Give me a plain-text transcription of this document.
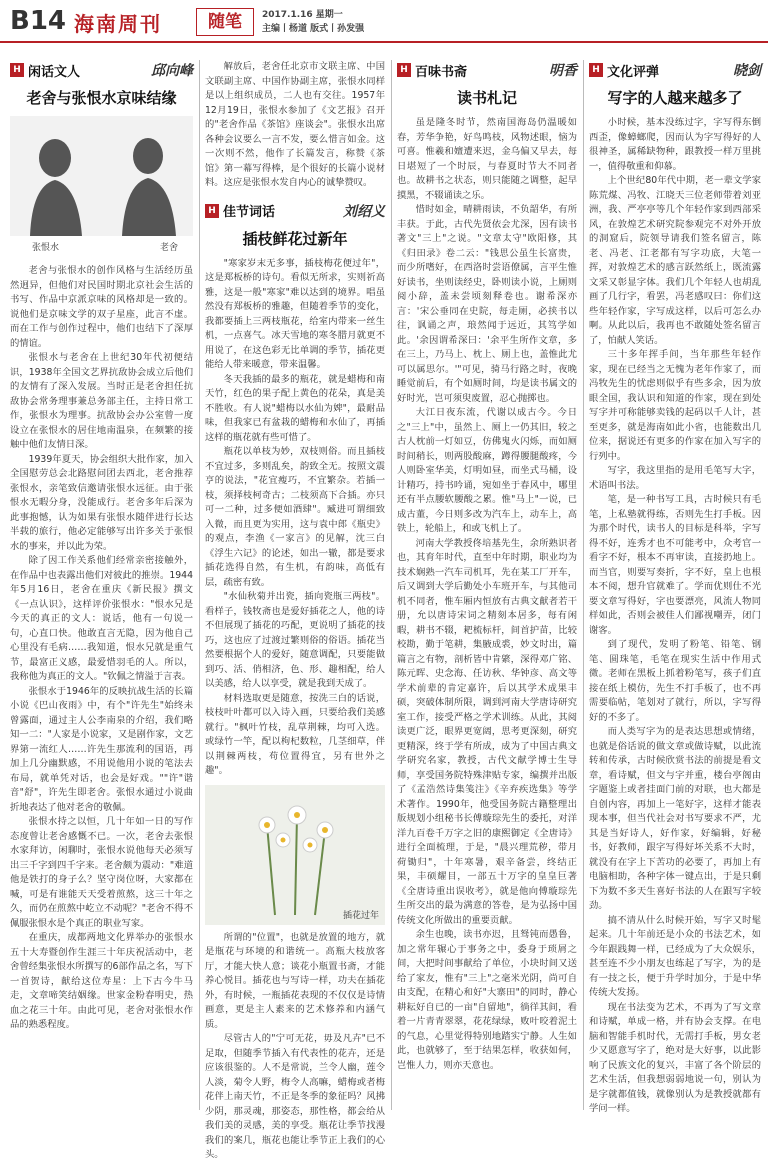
B14 海南周刊	随笔	2017.1.16 星期一
主编丨杨道 版式丨孙发强
H 闲话文人	邱向峰
老舍与张恨水京味结缘
张恨水	老舍

老舍与张恨水的创作风格与生活经历虽然迥异，但他们对民国时期北京社会生活的书写、作品中京派京味的风格却是一致的。说他们是京味文学的双子星座，此言不虚。而在工作与创作过程中，他们也结下了深厚的情谊。

张恨水与老舍在上世纪30年代初便结识，1938年全国文艺界抗敌协会成立后他们的友情有了深入发展。当时正是老舍担任抗敌协会常务理事兼总务部主任，主持日常工作，张恨水为理事。抗敌协会办公室曾一度设立在张恨水的居住地南温泉，在频繁的接触中他们友情日深。

1939年夏天，协会组织大批作家，加入全国慰劳总会北路慰问团去西北，老舍推荐张恨水，亲笔致信邀请张恨水远征。由于张恨水无暇分身，没能成行。老舍多年后深为此事抱憾，认为如果有张恨水随伴进行长达半载的旅行，他必定能够写出许多关于张恨水的事来，并以此为荣。

除了因工作关系他们经常亲密接触外，在作品中也表露出他们对彼此的推崇。1944年5月16日，老舍在重庆《新民报》撰文《一点认识》，这样评价张恨水："恨水兄是今天的真正的文人：说话，他有一句说一句，心直口快。他敢直言无隐，因为他自己心里没有毛病……我知道，恨水兄就是重气节，最富正义感，最爱惜羽毛的人。所以，我称他为真正的文人。"钦佩之情溢于言表。

张恨水于1946年的反映抗战生活的长篇小说《巴山夜雨》中，有个"许先生"始终未曾露面，通过主人公李南泉的介绍，我们略知一二："人家是小说家，又是剧作家，文艺界第一流红人……许先生那流利的国语，再加上几分幽默感，不用说他用小说的笔法去布局，就单凭对话，也会是好戏。""许"谐音"舒"，许先生即老舍。张恨水通过小说曲折地表达了他对老舍的敬佩。

张恨水持之以恒，几十年如一日的写作态度曾让老舍感慨不已。一次，老舍去张恨水家拜访，闲聊时，张恨水说他每天必须写出三千字到四千字来。老舍颇为震动："难道他是铁打的身子么？坚守岗位呀，大家都在喊，可是有谁能天天受着煎熬，这三十年之久，而仍在煎熬中屹立不动呢？"老舍不得不佩服张恨水是个真正的职业写家。

在重庆，成都两地文化界举办的张恨水五十大寿暨创作生涯三十年庆祝活动中，老舍曾经集张恨水所撰写的6部作品之名，写下一首贺诗，献给这位寿星：上下古今牛马走，文章啼笑结姻缘。世家金粉春明史，热血之花三十年。由此可见，老舍对张恨水作品的熟悉程度。

解放后，老舍任北京市文联主席、中国文联副主席、中国作协副主席，张恨水同样是以上组织成员，二人也有交往。1957年12月19日，张恨水参加了《文艺报》召开的"老舍作品《茶馆》座谈会"。张恨水出席各种会议要么一言不发，要么惜言如金。这一次则不然，他作了长篇发言，称赞《茶馆》第一幕写得棒，是个很好的长篇小说材料。这应是张恨水发自内心的诚挚赞叹。

H 佳节词话	刘绍义
插枝鲜花过新年

"寒家岁末无多事，插枝梅花便过年"，这是郑板桥的诗句。看似无所求，实则祈高雅，这是一般"寒家"难以达到的境界。唱虽然没有郑板桥的雅趣，但随着季节的变化，我都要插上三两枝瓶花，给室内带来一丝生机，一点喜气。冰天雪地的寒冬腊月就更不用说了，在这色彩无比单调的季节，插花更能给人带来暖意，带来温馨。

冬天我插的最多的瓶花，就是蜡梅和南天竹，红色的果子配上黄色的花朵，真是美不胜收。有人说"蜡梅以水仙为婢"，最耐品味，但我家已有盆栽的蜡梅和水仙了，再插这样的瓶花就有些可惜了。

瓶花以单枝为妙，双枝则俗。而且插枝不宜过多，多则乱矣，韵致全无。按照文震亨的说法，"花宜瘦巧，不宜繁杂。若插一枝，须择枝柯奇古；二枝须高下合插。亦只可一二种，过多便如酒肆"。臧进可谓细致入微，而且更为实用，这与袁中郎《瓶史》的观点，李渔《一家言》的见解，沈三白《浮生六记》的论述，如出一辙，都是要求插花选得自然，有生机，有韵味，高低有层，疏密有致。

"水仙秋菊并出瓷，插向瓷瓶三两枝"。看样子，钱牧斋也是爱好插花之人，他的诗不但展现了插花的巧配，更说明了插花的技巧，这也应了过渡过繁则俗的俗语。插花当然要根据个人的爱好，随意调配，只要能做到巧、活、俏相济，色、形、趣相配，给人以美感，给人以享受，就是我到天成了。

材料选取更是随意，按洗三白的话说，枝枝叶叶都可以入诗入画，只要给我们美感就行。"枫叶竹枝，乱草荆棘，均可入选。或绿竹一竿，配以枸杞数粒，几茎细草，伴以荆棘两枝，苟位置得宜，另有世外之趣"。

插花过年

所谓的"位置"，也就是放置的地方，就是瓶花与环境的和谐统一。高瓶大枝放客厅，才能大快人意；谈花小瓶置书斋，才能养心悦目。插花也与写诗一样，功夫在插花外，有时候，一瓶插花表现的不仅仅是诗情画意，更是主人素来的艺术修养和内涵气质。

尽管古人的"宁可无花，毋及凡卉"已不足取，但随季节插入有代表性的花卉，还是应该很鉴的。人不是常说，兰令人幽，莲令人淡，菊令人野，梅令人高嘛，蜡梅或者梅花伴上南天竹，不正是冬季的象征吗？风拂少阴，那灵魂，那姿态，那性格，都会给从我们美的灵感，美的享受。瓶花让季节找漫我们的案几，瓶花也能让季节正上我们的心头。

H 百味书斋	明香
读书札记

虽是隆冬时节，然南国海岛仍温暖如春，芳华争艳，好鸟鸣枝，风物述眼，恼为可喜。惟羲和嬗遭来迟，金乌偏又早去，每日堪短了一个时辰，与春夏时节大不同者也。故耕书之状态，则只能随之调整，起早摸黑，不辍诵读之乐。

惜时如金，晴耕雨读，不负韶华，有所丰获。于此，古代先贤依会尤深，因有读书著文"三上"之说。"文章太守"欧阳修，其《归田录》卷二云："钱思公虽生长富贵，而少所嗜好，在西洛时尝语僚属，言平生惟好读书，坐则读经史，卧则读小说，上厕则阅小辞，盖未尝顷刻释卷也。谢希深亦言：'宋公垂同在史院，每走厕，必挟书以往，讽诵之声，琅然闻于远近，其笃学如此。'余因谓希深曰：'余平生所作文章，多在三上，乃马上、枕上、厕上也，盖惟此尤可以属思尔。'"可见，骑马行路之时，夜晚睡觉前后，有个如厕时间，均是读书属文的好时光，岂可须臾废置，忍心抛掷也。

大江日夜东流，代谢以成古今。今日之"三上"中，虽然上、厕上一仍其旧，较之古人枕前一灯如豆，仿佛鬼火闪烁，而如厕时间稍长，则两股酸麻，蹲得腰腿酸疼，今人则卧室华美，灯明如昼，而坐式马桶，设计精巧，持书吟诵，宛如坐于春风中，哪里还有半点腰软腰酸之累。惟"马上"一说，已成古董，今日则多改为汽车上，动车上，高铁上，轮船上，和或飞机上了。

河南大学教授佟培基先生，余所熟识者也，其育年时代，直至中年时期，职业均为技术娴熟一汽车司机耳，先在某工厂开车，后又调到大学后勤处小车班开车，与其他司机不同者，惟车厢内恒放有古典文献者若干册，允以唐诗宋词之精刻本居多，每有闲暇，耕书不辍，耙梳标杆，间首护苗，比较校勘，勤于笔耕，集腋成裘，妙文时出，篇篇言之有物，剖析皆中肯綮，深得邓广铭、陈元晖、史念海、任访秋、华钟彦、高文等学术前辈的肯定嘉许，后以其学术成果丰硕，突破体制所限，调到河南大学唐诗研究室工作，接受严格之学术训练。从此，其阅读更广泛，眼界更宽阔，思考更深刻，研究更精深，终于学有所成，成为了中国古典文学研究名家，教授，古代文献学博士生导师，享受国务院特殊津贴专家，编撰并出版了《孟浩然诗集笺注》《辛弃疾选集》等学术著作。1990年，他受国务院古籍整理出版规划小组秘书长傅璇琮先生的委托，对洋洋九百卷千万字之旧的康熙御定《全唐诗》进行全面梳理，于是，"晨兴理荒秽，带月荷锄归"，十年寒暑，艰辛备尝，终结正果，丰硕耀目，一部五十万字的皇皇巨著《全唐诗重出误收考》，就是他向傅璇琮先生所交出的最为满意的答卷，是为弘扬中国传统文化所做出的重要贡献。

余生也晚，读书亦迟，且驽钝而愚鲁，加之常年辗心于事务之中，委身于琐屑之间，大把时间事献给了单位，小块时间又送给了家友，惟有"三上"之毫米光阴，尚可自由支配，在精心和好"大寨田"的同时，静心耕耘好自已的一亩"自留地"，徜徉其间，看着一片青青翠翠，花花绿绿，败叶咬着泥土的气息，心里觉得特别地踏实宁静。人生如此，也就够了，至于结果怎样，收获如何，岂惟人力，则亦天意也。

H 文化评弹	晓剑
写字的人越来越多了

小时候，基本没练过字，字写得东倒西歪，像蟑螂爬，因而认为字写得好的人很神圣，属稀缺物种，跟教授一样万里挑一，值得敬重和仰慕。

上个世纪80年代中期，老一辈文学家陈荒煤、冯牧、江晓天三位老师带着刘亚洲，我、严亭亭等几个年轻作家到西部采风，在敦煌艺术研究院参观完不对外开放的洞窟后，院领导请我们签名留言，陈老、冯老、江老都有写字功底，大笔一挥，对敦煌艺术的感言跃然纸上，既流露文采又彰显字体。我们几个年轻人也胡乱画了几行字，看罢，冯老感叹曰：你们这些年轻作家，字写成这样，以后可怎么办啊。从此以后，我再也不敢随处签名留言了，怕献人笑话。

三十多年挥手间，当年那些年轻作家，现在已经当之无愧为老年作家了，而冯牧先生的忧虑则似乎有些多余，因为放眼全国，我认识和知道的作家，现在到处写字并可称能够卖钱的起码以千人计，甚至更多，就是海南如此小省，也能数出几位来，据说还有更多的作家在加入写字的行列中。

写字，我这里指的是用毛笔写大字，术语叫书法。

笔，是一种书写工具，古时候只有毛笔，上私塾就得练，否则先生打手板。因为那个时代，读书人的目标是科举，字写得不好，连秀才也不可能考中，众考官一看字不好，根本不再审读，直接扔地上。而当官，则要写奏折，字不好，皇上也根本不阅，想升官就难了。学而优则仕不光要文章写得好，字也要漂亮，风流人物同样如此，否则会被佳人们鄙视嘲弄，闭门谢客。

到了现代，发明了粉笔、铅笔、钢笔、圆珠笔，毛笔在现实生活中作用式微。老师在黑板上抓着粉笔写，孩子们直接在纸上模仿，先生不打手板了，也不再需要临帖，笔划对了就行，所以，字写得好的不多了。

而人类写字为的是表达思想或情绪，也就是俗话说的做文章或做诗赋，以此流转和传承，古时候欣赏书法的前提是看文章，看诗赋，但文与字并重，楼台亭阁由字题鉴上或者挂面门前的对联，也大都是自创内容，再加上一笔好字，这样才能表现本事，但当代社会对书写要求不严，尤其是当好诗人，好作家，好编辑，好秘书，好教师，跟字写得好坏关系不大时，就没有在字上下苦功的必要了，再加上有电脑相助，各种字体一键点出，于是只剩下为数不多天生喜好书法的人在跟写字较劲。

搞不清从什么时候开始，写字又时髦起来。几十年前还是小众的书法艺术，如今年跟践舞一样，已经成为了大众娱乐，甚至连不少小朋友也练起了写字，为的是有一技之长，便于升学时加分，于是中华传统大发扬。

现在书法变为艺术，不再为了写文章和诗赋，单成一格，并有协会支撑。在电脑和智能手机时代，无需打手板，男女老少又愿意写字了，绝对是大好事，以此影响了民族文化的复兴，丰富了各个阶层的艺术生活，但我想弱弱地说一句，别认为是字就都值钱，就像别认为是教授就都有学问一样。
